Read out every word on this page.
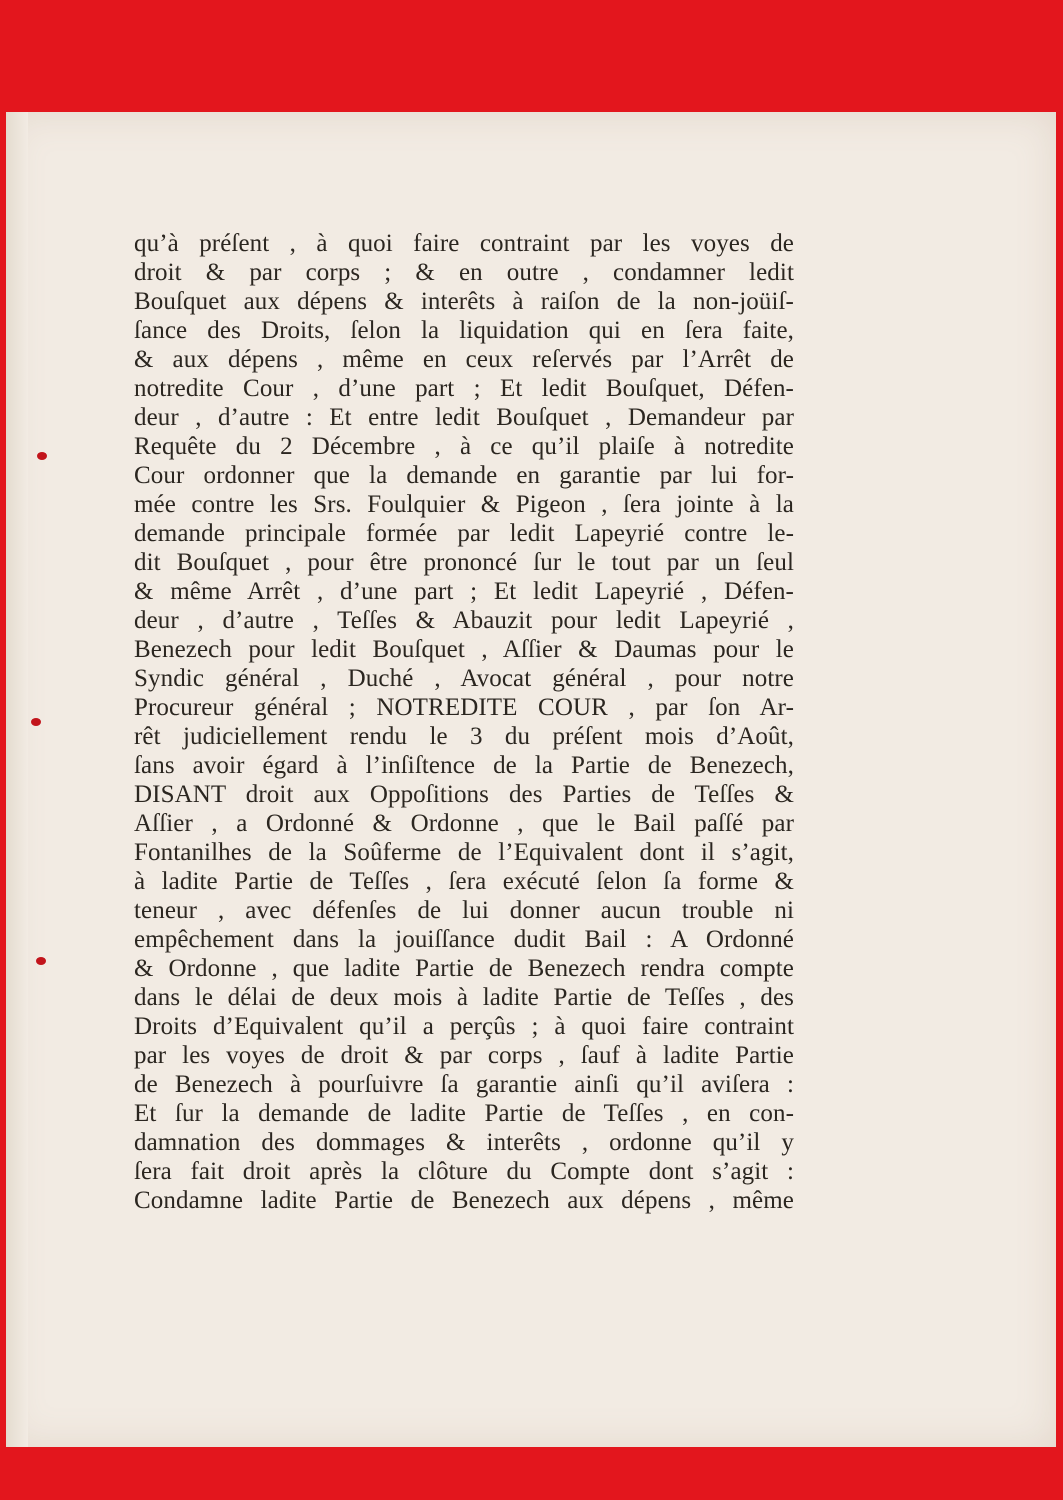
qu’à préſent , à quoi faire contraint par les voyes de
droit & par corps ; & en outre , condamner ledit
Bouſquet aux dépens & interêts à raiſon de la non-joüiſ-
ſance des Droits, ſelon la liquidation qui en ſera faite,
& aux dépens , même en ceux reſervés par l’Arrêt de
notredite Cour , d’une part ; Et ledit Bouſquet, Défen-
deur , d’autre : Et entre ledit Bouſquet , Demandeur par
Requête du 2 Décembre , à ce qu’il plaiſe à notredite
Cour ordonner que la demande en garantie par lui for-
mée contre les Srs. Foulquier & Pigeon , ſera jointe à la
demande principale formée par ledit Lapeyrié contre le-
dit Bouſquet , pour être prononcé ſur le tout par un ſeul
& même Arrêt , d’une part ; Et ledit Lapeyrié , Défen-
deur , d’autre , Teſſes & Abauzit pour ledit Lapeyrié ,
Benezech pour ledit Bouſquet , Aſſier & Daumas pour le
Syndic général , Duché , Avocat général , pour notre
Procureur général ; NOTREDITE COUR , par ſon Ar-
rêt judiciellement rendu le 3 du préſent mois d’Août,
ſans avoir égard à l’inſiſtence de la Partie de Benezech,
DISANT droit aux Oppoſitions des Parties de Teſſes &
Aſſier , a Ordonné & Ordonne , que le Bail paſſé par
Fontanilhes de la Soûferme de l’Equivalent dont il s’agit,
à ladite Partie de Teſſes , ſera exécuté ſelon ſa forme &
teneur , avec défenſes de lui donner aucun trouble ni
empêchement dans la jouiſſance dudit Bail : A Ordonné
& Ordonne , que ladite Partie de Benezech rendra compte
dans le délai de deux mois à ladite Partie de Teſſes , des
Droits d’Equivalent qu’il a perçûs ; à quoi faire contraint
par les voyes de droit & par corps , ſauf à ladite Partie
de Benezech à pourſuivre ſa garantie ainſi qu’il aviſera :
Et ſur la demande de ladite Partie de Teſſes , en con-
damnation des dommages & interêts , ordonne qu’il y
ſera fait droit après la clôture du Compte dont s’agit :
Condamne ladite Partie de Benezech aux dépens , même
